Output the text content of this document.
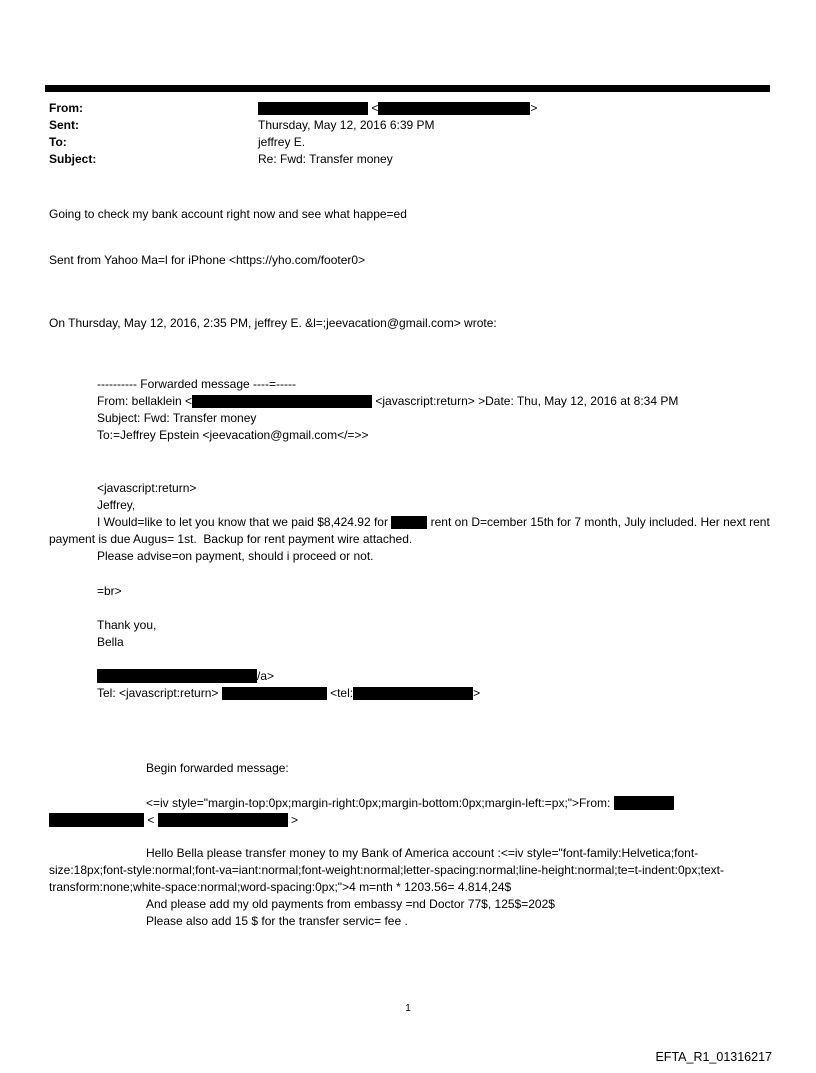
From:	<	>
Sent:	Thursday, May 12, 2016 6:39 PM
To:	jeffrey E.
Subject:	Re: Fwd: Transfer money
Going to check my bank account right now and see what happe=ed
Sent from Yahoo Ma=l for iPhone <https://yho.com/footer0>
On Thursday, May 12, 2016, 2:35 PM, jeffrey E. &l=;jeevacation@gmail.com> wrote:
---------- Forwarded message ----=-----
From: bellaklein <	<javascript:return> >Date: Thu, May 12, 2016 at 8:34 PM
Subject: Fwd: Transfer money
To:=Jeffrey Epstein <jeevacation@gmail.com</=>>
<javascript:return>
Jeffrey,
I Would=like to let you know that we paid $8,424.92 for	rent on D=cember 15th for 7 month, July included. Her next rent payment is due Augus= 1st.  Backup for rent payment wire attached.
Please advise=on payment, should i proceed or not.
=br>
Thank you,
Bella
/a>
Tel: <javascript:return>	<tel:	>
Begin forwarded message:
<=iv style="margin-top:0px;margin-right:0px;margin-bottom:0px;margin-left:=px;">From:
<	>
Hello Bella please transfer money to my Bank of America account :<=iv style="font-family:Helvetica;font-size:18px;font-style:normal;font-va=iant:normal;font-weight:normal;letter-spacing:normal;line-height:normal;te=t-indent:0px;text-transform:none;white-space:normal;word-spacing:0px;">4 m=nth * 1203.56= 4.814,24$
And please add my old payments from embassy =nd Doctor 77$, 125$=202$
Please also add 15 $ for the transfer servic= fee .
1
EFTA_R1_01316217
